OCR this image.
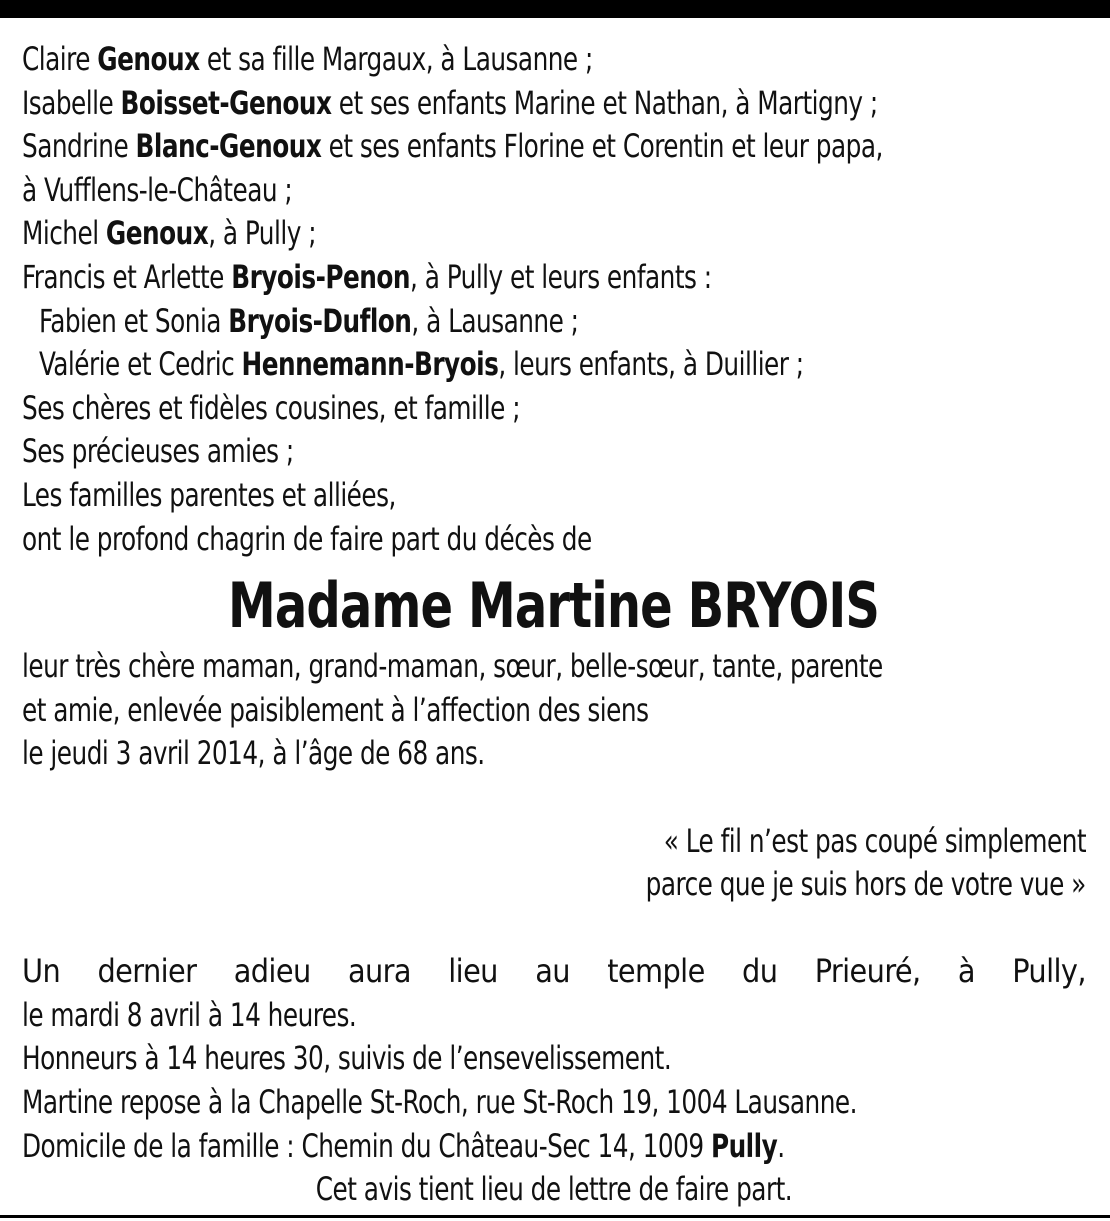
Claire Genoux et sa fille Margaux, à Lausanne ;
Isabelle Boisset-Genoux et ses enfants Marine et Nathan, à Martigny ;
Sandrine Blanc-Genoux et ses enfants Florine et Corentin et leur papa,
à Vufflens-le-Château ;
Michel Genoux, à Pully ;
Francis et Arlette Bryois-Penon, à Pully et leurs enfants :
Fabien et Sonia Bryois-Duflon, à Lausanne ;
Valérie et Cedric Hennemann-Bryois, leurs enfants, à Duillier ;
Ses chères et fidèles cousines, et famille ;
Ses précieuses amies ;
Les familles parentes et alliées,
ont le profond chagrin de faire part du décès de
Madame Martine BRYOIS
leur très chère maman, grand-maman, sœur, belle-sœur, tante, parente
et amie, enlevée paisiblement à l’affection des siens
le jeudi 3 avril 2014, à l’âge de 68 ans.
« Le fil n’est pas coupé simplement
parce que je suis hors de votre vue »
Un dernier adieu aura lieu au temple du Prieuré, à Pully,
le mardi 8 avril à 14 heures.
Honneurs à 14 heures 30, suivis de l’ensevelissement.
Martine repose à la Chapelle St-Roch, rue St-Roch 19, 1004 Lausanne.
Domicile de la famille : Chemin du Château-Sec 14, 1009 Pully.
Cet avis tient lieu de lettre de faire part.
